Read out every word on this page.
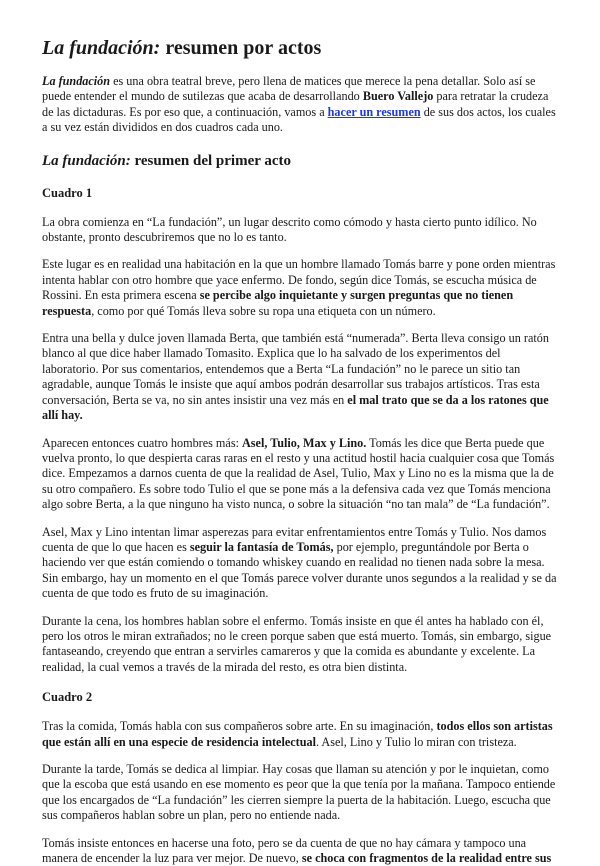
La fundación: resumen por actos

La fundación es una obra teatral breve, pero llena de matices que merece la pena detallar. Solo así se puede entender el mundo de sutilezas que acaba de desarrollando Buero Vallejo para retratar la crudeza de las dictaduras. Es por eso que, a continuación, vamos a hacer un resumen de sus dos actos, los cuales a su vez están divididos en dos cuadros cada uno.

La fundación: resumen del primer acto
Cuadro 1

La obra comienza en “La fundación”, un lugar descrito como cómodo y hasta cierto punto idílico. No obstante, pronto descubriremos que no lo es tanto.

Este lugar es en realidad una habitación en la que un hombre llamado Tomás barre y pone orden mientras intenta hablar con otro hombre que yace enfermo. De fondo, según dice Tomás, se escucha música de Rossini. En esta primera escena se percibe algo inquietante y surgen preguntas que no tienen respuesta, como por qué Tomás lleva sobre su ropa una etiqueta con un número.

Entra una bella y dulce joven llamada Berta, que también está “numerada”. Berta lleva consigo un ratón blanco al que dice haber llamado Tomasito. Explica que lo ha salvado de los experimentos del laboratorio. Por sus comentarios, entendemos que a Berta “La fundación” no le parece un sitio tan agradable, aunque Tomás le insiste que aquí ambos podrán desarrollar sus trabajos artísticos. Tras esta conversación, Berta se va, no sin antes insistir una vez más en el mal trato que se da a los ratones que allí hay.

Aparecen entonces cuatro hombres más: Asel, Tulio, Max y Lino. Tomás les dice que Berta puede que vuelva pronto, lo que despierta caras raras en el resto y una actitud hostil hacia cualquier cosa que Tomás dice. Empezamos a darnos cuenta de que la realidad de Asel, Tulio, Max y Lino no es la misma que la de su otro compañero. Es sobre todo Tulio el que se pone más a la defensiva cada vez que Tomás menciona algo sobre Berta, a la que ninguno ha visto nunca, o sobre la situación “no tan mala” de “La fundación”.

Asel, Max y Lino intentan limar asperezas para evitar enfrentamientos entre Tomás y Tulio. Nos damos cuenta de que lo que hacen es seguir la fantasía de Tomás, por ejemplo, preguntándole por Berta o haciendo ver que están comiendo o tomando whiskey cuando en realidad no tienen nada sobre la mesa. Sin embargo, hay un momento en el que Tomás parece volver durante unos segundos a la realidad y se da cuenta de que todo es fruto de su imaginación.

Durante la cena, los hombres hablan sobre el enfermo. Tomás insiste en que él antes ha hablado con él, pero los otros le miran extrañados; no le creen porque saben que está muerto. Tomás, sin embargo, sigue fantaseando, creyendo que entran a servirles camareros y que la comida es abundante y excelente. La realidad, la cual vemos a través de la mirada del resto, es otra bien distinta.

Cuadro 2

Tras la comida, Tomás habla con sus compañeros sobre arte. En su imaginación, todos ellos son artistas que están allí en una especie de residencia intelectual. Asel, Lino y Tulio lo miran con tristeza.

Durante la tarde, Tomás se dedica al limpiar. Hay cosas que llaman su atención y por le inquietan, como que la escoba que está usando en ese momento es peor que la que tenía por la mañana. Tampoco entiende que los encargados de “La fundación” les cierren siempre la puerta de la habitación. Luego, escucha que sus compañeros hablan sobre un plan, pero no entiende nada.

Tomás insiste entonces en hacerse una foto, pero se da cuenta de que no hay cámara y tampoco una manera de encender la luz para ver mejor. De nuevo, se choca con fragmentos de la realidad entre sus
